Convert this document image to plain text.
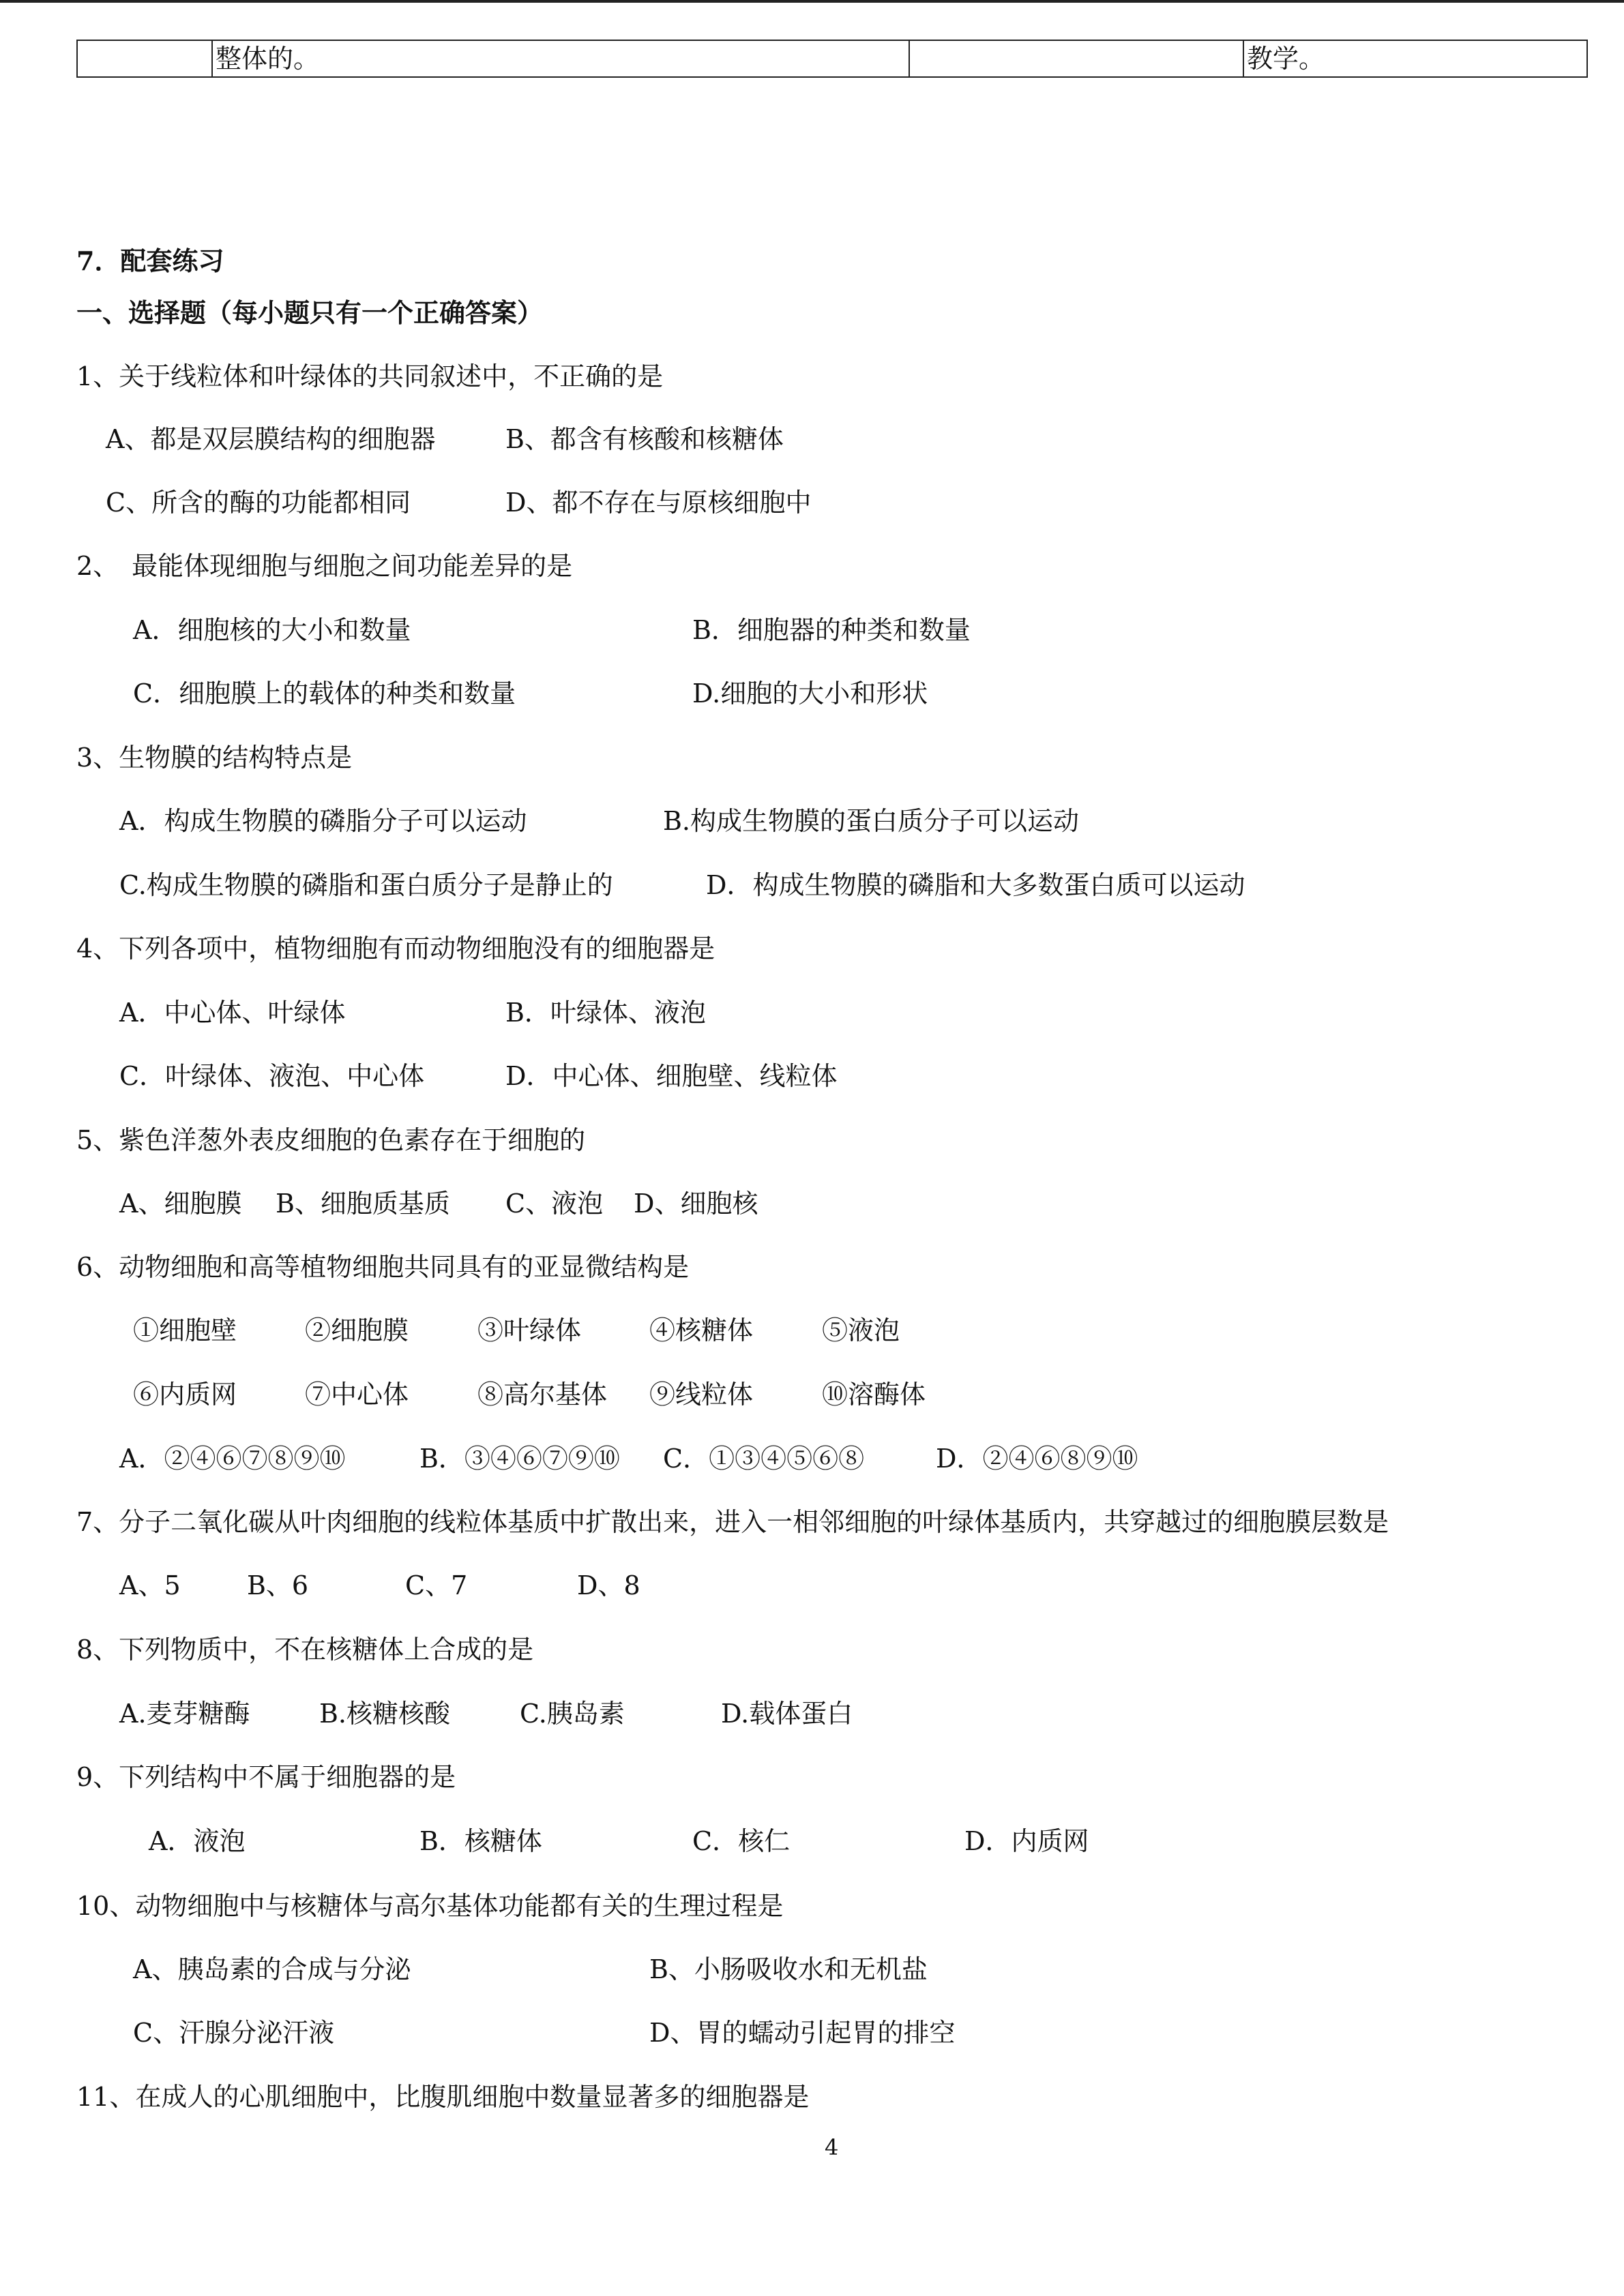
	整体的。		教学。
7．配套练习
一、选择题（每小题只有一个正确答案）
1、关于线粒体和叶绿体的共同叙述中，不正确的是
A、都是双层膜结构的细胞器	B、都含有核酸和核糖体
C、所含的酶的功能都相同	D、都不存在与原核细胞中
2、　最能体现细胞与细胞之间功能差异的是
A．细胞核的大小和数量	B．细胞器的种类和数量
C．细胞膜上的载体的种类和数量	D.细胞的大小和形状
3、生物膜的结构特点是
A．构成生物膜的磷脂分子可以运动	B.构成生物膜的蛋白质分子可以运动
C.构成生物膜的磷脂和蛋白质分子是静止的	D．构成生物膜的磷脂和大多数蛋白质可以运动
4、下列各项中，植物细胞有而动物细胞没有的细胞器是
A．中心体、叶绿体	B．叶绿体、液泡
C．叶绿体、液泡、中心体	D．中心体、细胞壁、线粒体
5、紫色洋葱外表皮细胞的色素存在于细胞的
A、细胞膜 B、细胞质基质 C、液泡 D、细胞核
6、动物细胞和高等植物细胞共同具有的亚显微结构是
①细胞壁	②细胞膜	③叶绿体	④核糖体	⑤液泡
⑥内质网	⑦中心体	⑧高尔基体 ⑨线粒体	⑩溶酶体
A．②④⑥⑦⑧⑨⑩	B．③④⑥⑦⑨⑩ C．①③④⑤⑥⑧	D．②④⑥⑧⑨⑩
7、分子二氧化碳从叶肉细胞的线粒体基质中扩散出来，进入一相邻细胞的叶绿体基质内，共穿越过的细胞膜层数是
A、5	B、6	C、7	D、8
8、下列物质中，不在核糖体上合成的是
A.麦芽糖酶	B.核糖核酸	C.胰岛素	D.载体蛋白
9、下列结构中不属于细胞器的是
A．液泡	B．核糖体	C．核仁	D．内质网
10、动物细胞中与核糖体与高尔基体功能都有关的生理过程是
A、胰岛素的合成与分泌	B、小肠吸收水和无机盐
C、汗腺分泌汗液	D、胃的蠕动引起胃的排空
11、在成人的心肌细胞中，比腹肌细胞中数量显著多的细胞器是
4
